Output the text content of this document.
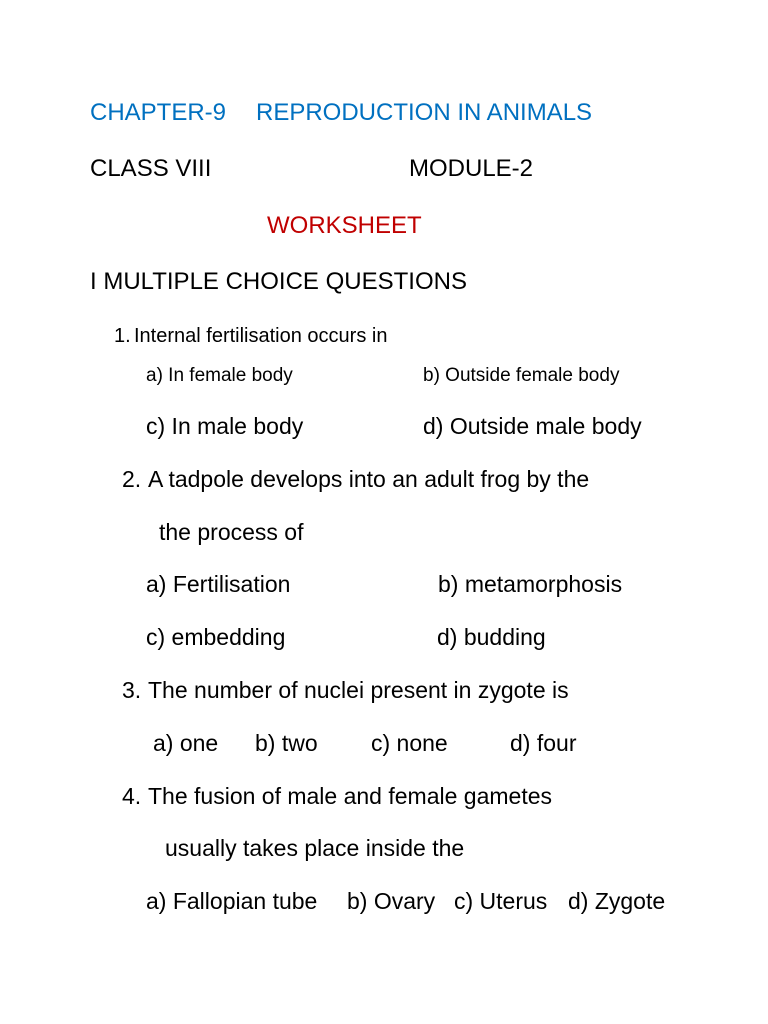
CHAPTER-9 REPRODUCTION IN ANIMALS
CLASS VIII	MODULE-2
WORKSHEET
I MULTIPLE CHOICE QUESTIONS
1. Internal fertilisation occurs in
a) In female body	b) Outside female body
c) In male body	d) Outside male body
2. A tadpole develops into an adult frog by the
the process of
a) Fertilisation	b) metamorphosis
c) embedding	d) budding
3. The number of nuclei present in zygote is
a) one b) two c) none	d) four
4. The fusion of male and female gametes
usually takes place inside the
a) Fallopian tube b) Ovary c) Uterus d) Zygote
